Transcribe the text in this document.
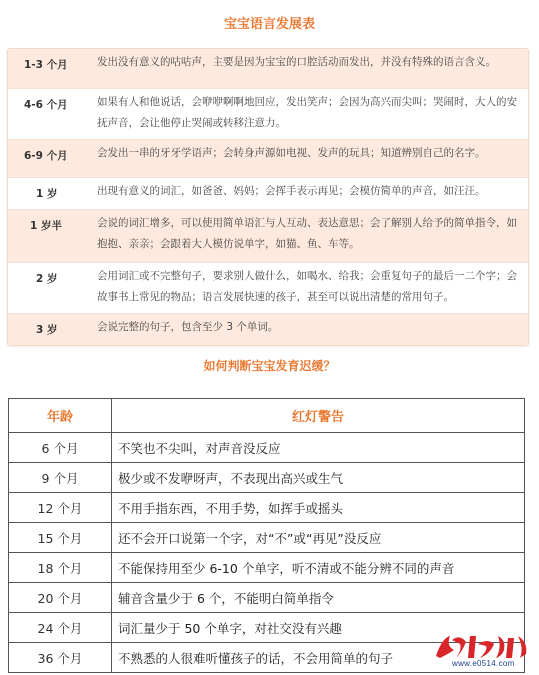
宝宝语言发展表
1-3 个月	发出没有意义的咕咕声，主要是因为宝宝的口腔活动而发出，并没有特殊的语言含义。
4-6 个月	如果有人和他说话，会咿咿啊啊地回应，发出笑声；会因为高兴而尖叫；哭闹时，大人的安抚声音，会让他停止哭闹或转移注意力。
6-9 个月	会发出一串的牙牙学语声；会转身声源如电视、发声的玩具；知道辨别自己的名字。
1 岁	出现有意义的词汇，如爸爸、妈妈；会挥手表示再见；会模仿简单的声音，如汪汪。
1 岁半	会说的词汇增多，可以使用简单语汇与人互动、表达意思；会了解别人给予的简单指令，如抱抱、亲亲；会跟着大人模仿说单字，如猫、鱼、车等。
2 岁	会用词汇或不完整句子，要求别人做什么，如喝水、给我；会重复句子的最后一二个字；会故事书上常见的物品；语言发展快速的孩子，甚至可以说出清楚的常用句子。
3 岁	会说完整的句子，包含至少 3 个单词。
如何判断宝宝发育迟缓？
年龄	红灯警告
6 个月	不笑也不尖叫，对声音没反应
9 个月	极少或不发咿呀声，不表现出高兴或生气
12 个月	不用手指东西，不用手势，如挥手或摇头
15 个月	还不会开口说第一个字，对“不”或“再见”没反应
18 个月	不能保持用至少 6-10 个单字，听不清或不能分辨不同的声音
20 个月	辅音含量少于 6 个，不能明白简单指令
24 个月	词汇量少于 50 个单字，对社交没有兴趣
36 个月	不熟悉的人很难听懂孩子的话，不会用简单的句子	www.e0514.com
